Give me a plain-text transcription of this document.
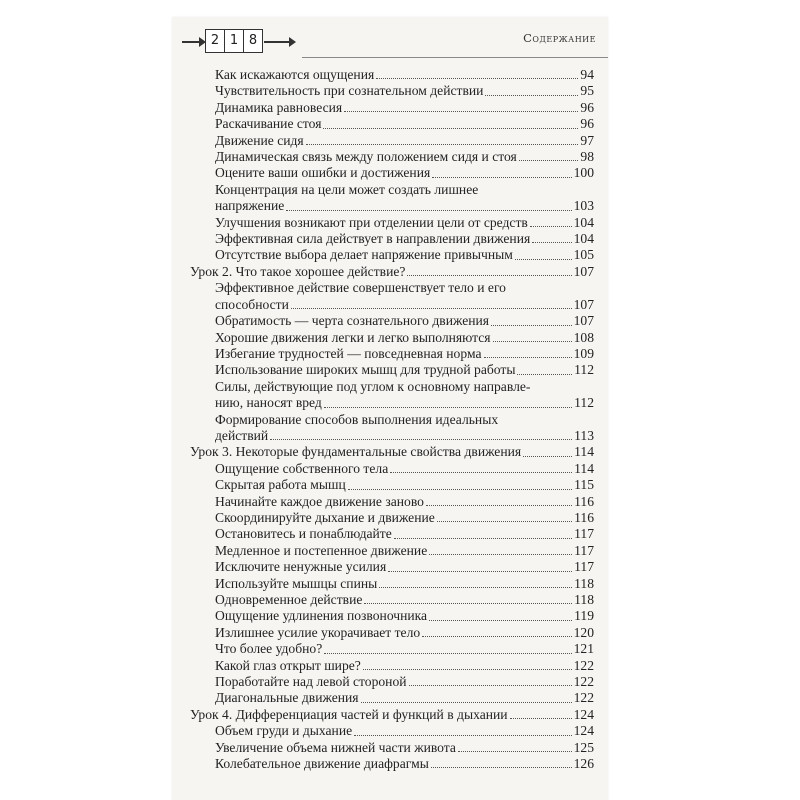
2 1 8	Содержание
Как искажаются ощущения	94
Чувствительность при сознательном действии	95
Динамика равновесия	96
Раскачивание стоя	96
Движение сидя	97
Динамическая связь между положением сидя и стоя	98
Оцените ваши ошибки и достижения	100
Концентрация на цели может создать лишнее
напряжение	103
Улучшения возникают при отделении цели от средств	104
Эффективная сила действует в направлении движения	104
Отсутствие выбора делает напряжение привычным	105
Урок 2. Что такое хорошее действие?	107
Эффективное действие совершенствует тело и его
способности	107
Обратимость — черта сознательного движения	107
Хорошие движения легки и легко выполняются	108
Избегание трудностей — повседневная норма	109
Использование широких мышц для трудной работы	112
Силы, действующие под углом к основному направле-
нию, наносят вред	112
Формирование способов выполнения идеальных
действий	113
Урок 3. Некоторые фундаментальные свойства движения	114
Ощущение собственного тела	114
Скрытая работа мышц	115
Начинайте каждое движение заново	116
Скоординируйте дыхание и движение	116
Остановитесь и понаблюдайте	117
Медленное и постепенное движение	117
Исключите ненужные усилия	117
Используйте мышцы спины	118
Одновременное действие	118
Ощущение удлинения позвоночника	119
Излишнее усилие укорачивает тело	120
Что более удобно?	121
Какой глаз открыт шире?	122
Поработайте над левой стороной	122
Диагональные движения	122
Урок 4. Дифференциация частей и функций в дыхании	124
Объем груди и дыхание	124
Увеличение объема нижней части живота	125
Колебательное движение диафрагмы	126
